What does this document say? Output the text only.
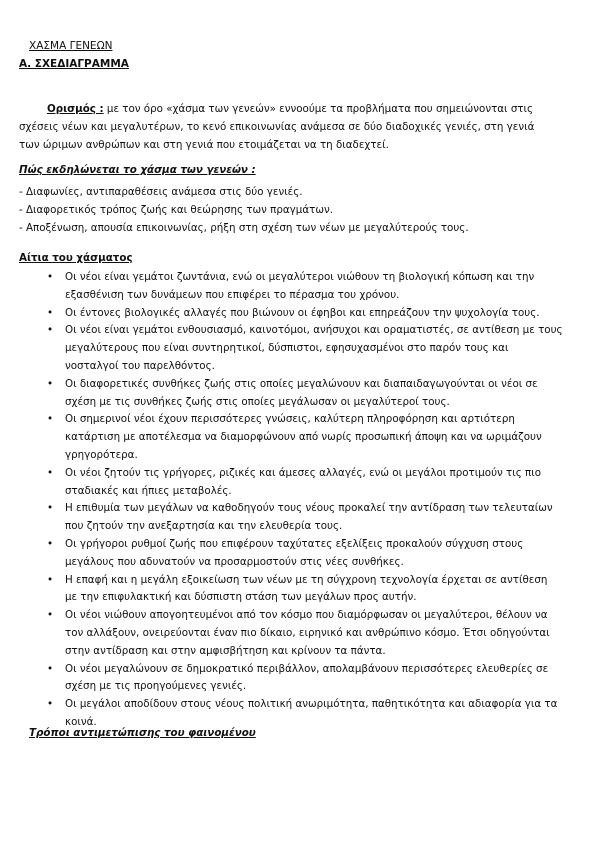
ΧΑΣΜΑ ΓΕΝΕΩΝ
Α. ΣΧΕΔΙΑΓΡΑΜΜΑ
Ορισμός : με τον όρο «χάσμα των γενεών» εννοούμε τα προβλήματα που σημειώνονται στις
σχέσεις νέων και μεγαλυτέρων, το κενό επικοινωνίας ανάμεσα σε δύο διαδοχικές γενιές, στη γενιά
των ώριμων ανθρώπων και στη γενιά που ετοιμάζεται να τη διαδεχτεί.
Πώς εκδηλώνεται το χάσμα των γενεών :
- Διαφωνίες, αντιπαραθέσεις ανάμεσα στις δύο γενιές.
- Διαφορετικός τρόπος ζωής και θεώρησης των πραγμάτων.
- Αποξένωση, απουσία επικοινωνίας, ρήξη στη σχέση των νέων με μεγαλύτερούς τους.
Αίτια του χάσματος
• Οι νέοι είναι γεμάτοι ζωντάνια, ενώ οι μεγαλύτεροι νιώθουν τη βιολογική κόπωση και την
εξασθένιση των δυνάμεων που επιφέρει το πέρασμα του χρόνου.
• Οι έντονες βιολογικές αλλαγές που βιώνουν οι έφηβοι και επηρεάζουν την ψυχολογία τους.
• Οι νέοι είναι γεμάτοι ενθουσιασμό, καινοτόμοι, ανήσυχοι και οραματιστές, σε αντίθεση με τους
μεγαλύτερους που είναι συντηρητικοί, δύσπιστοι, εφησυχασμένοι στο παρόν τους και
νοσταλγοί του παρελθόντος.
• Οι διαφορετικές συνθήκες ζωής στις οποίες μεγαλώνουν και διαπαιδαγωγούνται οι νέοι σε
σχέση με τις συνθήκες ζωής στις οποίες μεγάλωσαν οι μεγαλύτεροί τους.
• Οι σημερινοί νέοι έχουν περισσότερες γνώσεις, καλύτερη πληροφόρηση και αρτιότερη
κατάρτιση με αποτέλεσμα να διαμορφώνουν από νωρίς προσωπική άποψη και να ωριμάζουν
γρηγορότερα.
• Οι νέοι ζητούν τις γρήγορες, ριζικές και άμεσες αλλαγές, ενώ οι μεγάλοι προτιμούν τις πιο
σταδιακές και ήπιες μεταβολές.
• Η επιθυμία των μεγάλων να καθοδηγούν τους νέους προκαλεί την αντίδραση των τελευταίων
που ζητούν την ανεξαρτησία και την ελευθερία τους.
• Οι γρήγοροι ρυθμοί ζωής που επιφέρουν ταχύτατες εξελίξεις προκαλούν σύγχυση στους
μεγάλους που αδυνατούν να προσαρμοστούν στις νέες συνθήκες.
• Η επαφή και η μεγάλη εξοικείωση των νέων με τη σύγχρονη τεχνολογία έρχεται σε αντίθεση
με την επιφυλακτική και δύσπιστη στάση των μεγάλων προς αυτήν.
• Οι νέοι νιώθουν απογοητευμένοι από τον κόσμο που διαμόρφωσαν οι μεγαλύτεροι, θέλουν να
τον αλλάξουν, ονειρεύονται έναν πιο δίκαιο, ειρηνικό και ανθρώπινο κόσμο. Έτσι οδηγούνται
στην αντίδραση και στην αμφισβήτηση και κρίνουν τα πάντα.
• Οι νέοι μεγαλώνουν σε δημοκρατικό περιβάλλον, απολαμβάνουν περισσότερες ελευθερίες σε
σχέση με τις προηγούμενες γενιές.
• Οι μεγάλοι αποδίδουν στους νέους πολιτική ανωριμότητα, παθητικότητα και αδιαφορία για τα
κοινά.
Τρόποι αντιμετώπισης του φαινομένου
